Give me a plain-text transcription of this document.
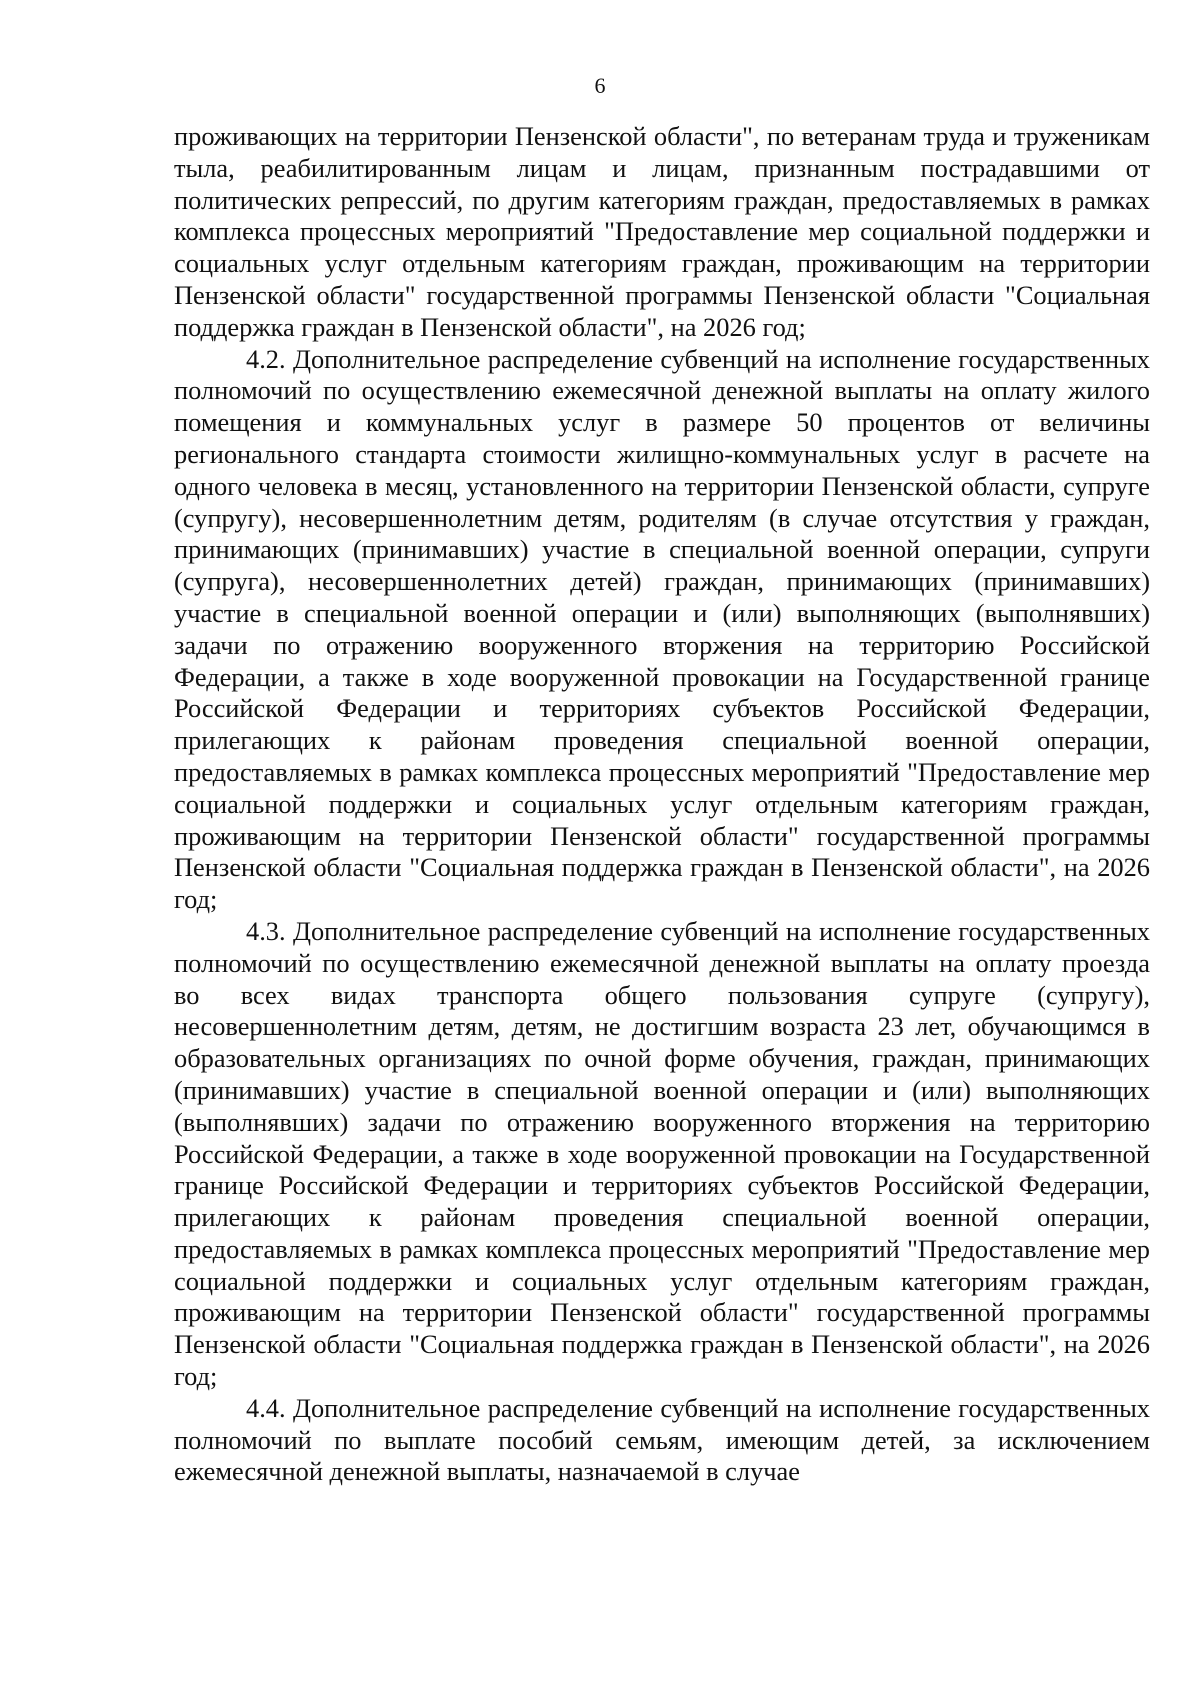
6

проживающих на территории Пензенской области", по ветеранам труда и труженикам тыла, реабилитированным лицам и лицам, признанным пострадавшими от политических репрессий, по другим категориям граждан, предоставляемых в рамках комплекса процессных мероприятий "Предоставление мер социальной поддержки и социальных услуг отдельным категориям граждан, проживающим на территории Пензенской области" государственной программы Пензенской области "Социальная поддержка граждан в Пензенской области", на 2026 год;

4.2. Дополнительное распределение субвенций на исполнение государственных полномочий по осуществлению ежемесячной денежной выплаты на оплату жилого помещения и коммунальных услуг в размере 50 процентов от величины регионального стандарта стоимости жилищно-коммунальных услуг в расчете на одного человека в месяц, установленного на территории Пензенской области, супруге (супругу), несовершеннолетним детям, родителям (в случае отсутствия у граждан, принимающих (принимавших) участие в специальной военной операции, супруги (супруга), несовершеннолетних детей) граждан, принимающих (принимавших) участие в специальной военной операции и (или) выполняющих (выполнявших) задачи по отражению вооруженного вторжения на территорию Российской Федерации, а также в ходе вооруженной провокации на Государственной границе Российской Федерации и территориях субъектов Российской Федерации, прилегающих к районам проведения специальной военной операции, предоставляемых в рамках комплекса процессных мероприятий "Предоставление мер социальной поддержки и социальных услуг отдельным категориям граждан, проживающим на территории Пензенской области" государственной программы Пензенской области "Социальная поддержка граждан в Пензенской области", на 2026 год;

4.3. Дополнительное распределение субвенций на исполнение государственных полномочий по осуществлению ежемесячной денежной выплаты на оплату проезда во всех видах транспорта общего пользования супруге (супругу), несовершеннолетним детям, детям, не достигшим возраста 23 лет, обучающимся в образовательных организациях по очной форме обучения, граждан, принимающих (принимавших) участие в специальной военной операции и (или) выполняющих (выполнявших) задачи по отражению вооруженного вторжения на территорию Российской Федерации, а также в ходе вооруженной провокации на Государственной границе Российской Федерации и территориях субъектов Российской Федерации, прилегающих к районам проведения специальной военной операции, предоставляемых в рамках комплекса процессных мероприятий "Предоставление мер социальной поддержки и социальных услуг отдельным категориям граждан, проживающим на территории Пензенской области" государственной программы Пензенской области "Социальная поддержка граждан в Пензенской области", на 2026 год;

4.4. Дополнительное распределение субвенций на исполнение государственных полномочий по выплате пособий семьям, имеющим детей, за исключением ежемесячной денежной выплаты, назначаемой в случае
